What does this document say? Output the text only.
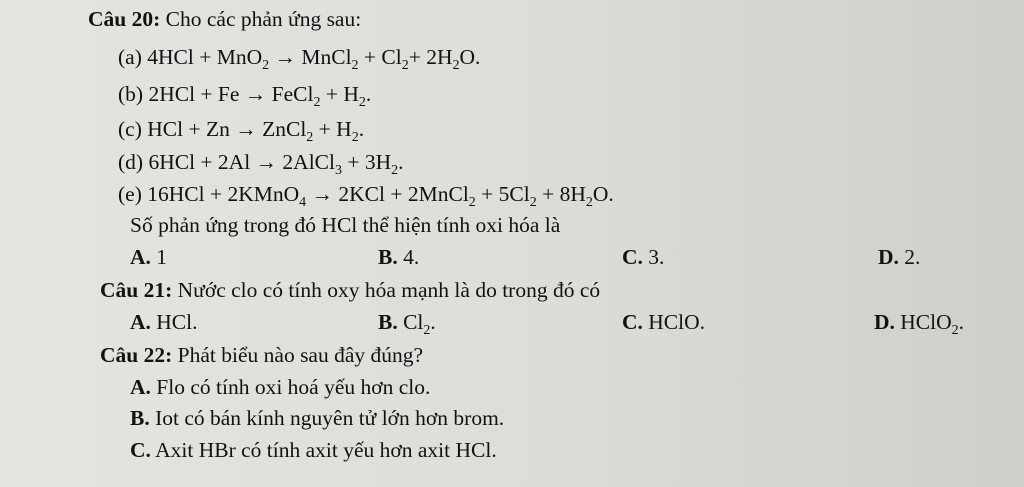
Câu 20: Cho các phản ứng sau:
(a) 4HCl + MnO$_2$ → MnCl$_2$ + $Cl_2+ 2H_2O$.
(b) 2HCl + Fe → FeCl$_2$ + $H_2$.
(c) HCl + Zn → ZnCl$_2$ + $H_2$.
(d) 6HCl + 2Al → 2AlCl$_3$ + $3H_2$.
(e) 16HCl + 2KMnO$_4$ → 2KCl + 2MnCl$_2$ + $5Cl_2 + 8H_2O$.
Số phản ứng trong đó HCl thể hiện tính oxi hóa là
A. 1	B. 4.	C. 3.	D. 2.
Câu 21: Nước clo có tính oxy hóa mạnh là do trong đó có
A. HCl.	B. $Cl_2$.	C. HClO.	D. HClO$_2$.
Câu 22: Phát biểu nào sau đây đúng?
A. Flo có tính oxi hoá yếu hơn clo.
B. Iot có bán kính nguyên tử lớn hơn brom.
C. Axit HBr có tính axit yếu hơn axit HCl.
